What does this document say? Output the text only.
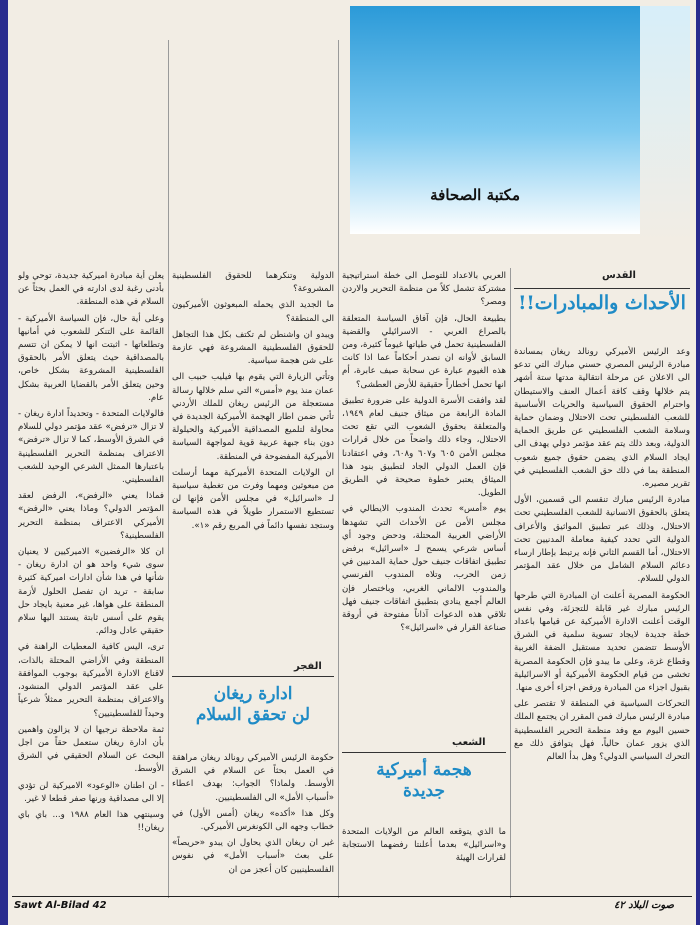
مكتبة الصحافة
القدس
الأحداث والمبادرات!!

وعد الرئيس الأميركي رونالد ريغان بمساندة مبادرة الرئيس المصري حسني مبارك التي تدعو الى الاعلان عن مرحلة انتقالية مدتها ستة أشهر يتم خلالها وقف كافة أعمال العنف والاستيطان واحترام الحقوق السياسية والحريات الأساسية للشعب الفلسطيني تحت الاحتلال وضمان حماية وسلامة الشعب الفلسطيني عن طريق الحماية الدولية، وبعد ذلك يتم عقد مؤتمر دولي يهدف الى ايجاد السلام الذي يضمن حقوق جميع شعوب المنطقة بما في ذلك حق الشعب الفلسطيني في تقرير مصيره.

مبادرة الرئيس مبارك تنقسم الى قسمين، الأول يتعلق بالحقوق الانسانية للشعب الفلسطيني تحت الاحتلال، وذلك عبر تطبيق المواثيق والأعراف الدولية التي تحدد كيفية معاملة المدنيين تحت الاحتلال، أما القسم الثاني فإنه يرتبط بإطار ارساء دعائم السلام الشامل من خلال عقد المؤتمر الدولي للسلام.

الحكومة المصرية أعلنت ان المبادرة التي طرحها الرئيس مبارك غير قابلة للتجزئة، وفي نفس الوقت أعلنت الادارة الأميركية عن قيامها باعداد خطة جديدة لايجاد تسوية سلمية في الشرق الأوسط تتضمن تحديد مستقبل الضفة الغربية وقطاع غزة، وعلى ما يبدو فإن الحكومة المصرية تخشى من قيام الحكومة الأميركية أو الاسرائيلية بقبول اجزاء من المبادرة ورفض اجزاء أخرى منها.

التحركات السياسية في المنطقة لا تقتصر على مبادرة الرئيس مبارك فمن المقرر ان يجتمع الملك حسين اليوم مع وفد منظمة التحرير الفلسطينية الذي يزور عمان حالياً، فهل يتوافق ذلك مع التحرك السياسي الدولي؟ وهل بدأ العالم

العربي بالاعداد للتوصل الى خطة استراتيجية مشتركة تشمل كلاً من منظمة التحرير والاردن ومصر؟

بطبيعة الحال، فإن آفاق السياسة المتعلقة بالصراع العربي - الاسرائيلي والقضية الفلسطينية تحمل في طياتها غيوماً كثيرة، ومن السابق لأوانه ان نصدر أحكاماً عما اذا كانت هذه الغيوم عبارة عن سحابة صيف عابرة، أم انها تحمل أخطاراً حقيقية للأرض العطشى؟

لقد وافقت الأسرة الدولية على ضرورة تطبيق المادة الرابعة من ميثاق جنيف لعام ١٩٤٩، والمتعلقة بحقوق الشعوب التي تقع تحت الاحتلال، وجاء ذلك واضحاً من خلال قرارات مجلس الأمن ٦٠٥ و٦٠٧ و٦٠٨، وفي اعتقادنا فإن العمل الدولي الجاد لتطبيق بنود هذا الميثاق يعتبر خطوة صحيحة في الطريق الطويل.

يوم «أمس» تحدث المندوب الايطالي في مجلس الأمن عن الأحداث التي تشهدها الأراضي العربية المحتلة، ودحض وجود أي أساس شرعي يسمح لـ «اسرائيل» برفض تطبيق اتفاقات جنيف حول حماية المدنيين في زمن الحرب، وتلاه المندوب الفرنسي والمندوب الالماني الغربي، وباختصار فإن العالم أجمع ينادي بتطبيق اتفاقات جنيف فهل تلاقي هذه الدعوات آذاناً مفتوحة في أروقة صناعة القرار في «اسرائيل»؟

الشعب
هجمة أميركية
جديدة

ما الذي يتوقعه العالم من الولايات المتحدة و«اسرائيل» بعدما أعلنتا رفضهما الاستجابة لقرارات الهيئة

الدولية وتنكرهما للحقوق الفلسطينية المشروعة؟

ما الجديد الذي يحمله المبعوثون الأميركيون الى المنطقة؟

ويبدو ان واشنطن لم تكتف بكل هذا التجاهل للحقوق الفلسطينية المشروعة فهي عازمة على شن هجمة سياسية.

وتأتي الزيارة التي يقوم بها فيليب حبيب الى عمان منذ يوم «أمس» التي سلم خلالها رسالة مستعجلة من الرئيس ريغان للملك الأردني تأتي ضمن اطار الهجمة الأميركية الجديدة في محاولة لتلميع المصداقية الأميركية والحيلولة دون بناء جبهة عربية قوية لمواجهة السياسة الأميركية المفضوحة في المنطقة.

ان الولايات المتحدة الأميركية مهما أرسلت من مبعوثين ومهما وفرت من تغطية سياسية لـ «اسرائيل» في مجلس الأمن فإنها لن تستطيع الاستمرار طويلاً في هذه السياسة وستجد نفسها دائماً في المربع رقم «١».

الفجر
ادارة ريغان
لن تحقق السلام

حكومة الرئيس الأميركي رونالد ريغان مراهقة في العمل بحثاً عن السلام في الشرق الأوسط. ولماذا؟ الجواب: بهدف اعطاء «أسباب الأمل» الى الفلسطينيين.

وكل هذا «أكده» ريغان (أمس الأول) في خطاب وجهه الى الكونغرس الأميركي.

غير ان ريغان الذي يحاول ان يبدو «حريصاً» على بعث «أسباب الأمل» في نفوس الفلسطينيين كان أعجز من ان

يعلن أية مبادرة اميركية جديدة، توحي ولو بأدنى رغبة لدى ادارته في العمل بحثاً عن السلام في هذه المنطقة.

وعلى أية حال، فإن السياسة الأميركية - القائمة على التنكر للشعوب في أمانيها وتطلعاتها - اثبتت انها لا يمكن ان تتسم بالمصداقية حيث يتعلق الأمر بالحقوق الفلسطينية المشروعة بشكل خاص، وحين يتعلق الأمر بالقضايا العربية بشكل عام.

فالولايات المتحدة - وتحديداً ادارة ريغان - لا تزال «ترفض» عقد مؤتمر دولي للسلام في الشرق الأوسط، كما لا تزال «ترفض» الاعتراف بمنظمة التحرير الفلسطينية باعتبارها الممثل الشرعي الوحيد للشعب الفلسطيني.

فماذا يعني «الرفض»، الرفض لعقد المؤتمر الدولي؟ وماذا يعني «الرفض» الأميركي الاعتراف بمنظمة التحرير الفلسطينية؟

ان كلا «الرفضين» الاميركيين لا يعنيان سوى شيء واحد هو ان ادارة ريغان - شأنها في هذا شأن ادارات اميركية كثيرة سابقة - تريد ان تفصل الحلول لأزمة المنطقة على هواها، غير معنية بايجاد حل يقوم على أسس ثابتة يستند اليها سلام حقيقي عادل ودائم.

ترى، اليس كافية المعطيات الراهنة في المنطقة وفي الأراضي المحتلة بالذات، لاقناع الادارة الأميركية بوجوب الموافقة على عقد المؤتمر الدولي المنشود، والاعتراف بمنظمة التحرير ممثلاً شرعياً وحيداً للفلسطينيين؟

ثمة ملاحظة نرجيها ان لا يزالون واهمين بأن ادارة ريغان ستعمل حقاً من اجل البحث عن السلام الحقيقي في الشرق الأوسط.

- ان اطنان «الوعود» الاميركية لن تؤدي إلا الى مصداقية ورنها صفر قطعا لا غير.

وسينتهي هذا العام ١٩٨٨ و... باي باي ريغان!!

Sawt Al-Bilad 42	صوت البلاد ٤٢
